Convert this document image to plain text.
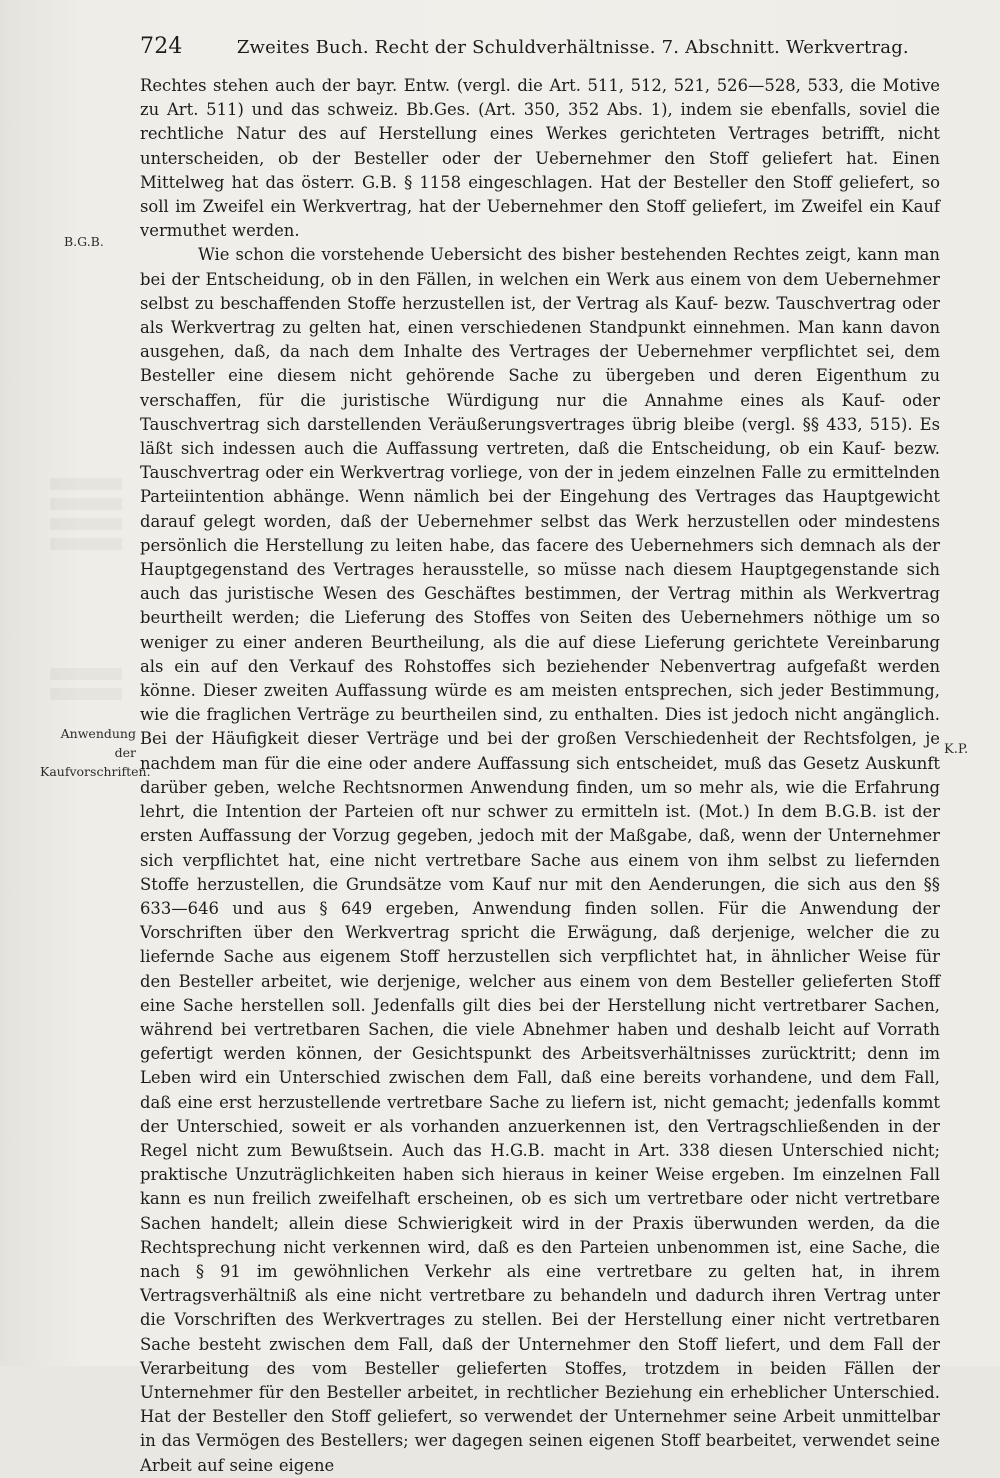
724	Zweites Buch. Recht der Schuldverhältnisse. 7. Abschnitt. Werkvertrag.
B.G.B.
Anwendung der Kaufvorschriften.
K.P.

Rechtes stehen auch der bayr. Entw. (vergl. die Art. 511, 512, 521, 526—528, 533, die Motive zu Art. 511) und das schweiz. Bb.Ges. (Art. 350, 352 Abs. 1), indem sie ebenfalls, soviel die rechtliche Natur des auf Herstellung eines Werkes gerichteten Vertrages betrifft, nicht unterscheiden, ob der Besteller oder der Uebernehmer den Stoff geliefert hat. Einen Mittelweg hat das österr. G.B. § 1158 eingeschlagen. Hat der Besteller den Stoff geliefert, so soll im Zweifel ein Werkvertrag, hat der Uebernehmer den Stoff geliefert, im Zweifel ein Kauf vermuthet werden.

Wie schon die vorstehende Uebersicht des bisher bestehenden Rechtes zeigt, kann man bei der Entscheidung, ob in den Fällen, in welchen ein Werk aus einem von dem Uebernehmer selbst zu beschaffenden Stoffe herzustellen ist, der Vertrag als Kauf- bezw. Tauschvertrag oder als Werkvertrag zu gelten hat, einen verschiedenen Standpunkt einnehmen. Man kann davon ausgehen, daß, da nach dem Inhalte des Vertrages der Uebernehmer verpflichtet sei, dem Besteller eine diesem nicht gehörende Sache zu übergeben und deren Eigenthum zu verschaffen, für die juristische Würdigung nur die Annahme eines als Kauf- oder Tauschvertrag sich darstellenden Veräußerungsvertrages übrig bleibe (vergl. §§ 433, 515). Es läßt sich indessen auch die Auffassung vertreten, daß die Entscheidung, ob ein Kauf- bezw. Tauschvertrag oder ein Werkvertrag vorliege, von der in jedem einzelnen Falle zu ermittelnden Parteiintention abhänge. Wenn nämlich bei der Eingehung des Vertrages das Hauptgewicht darauf gelegt worden, daß der Uebernehmer selbst das Werk herzustellen oder mindestens persönlich die Herstellung zu leiten habe, das facere des Uebernehmers sich demnach als der Hauptgegenstand des Vertrages herausstelle, so müsse nach diesem Hauptgegenstande sich auch das juristische Wesen des Geschäftes bestimmen, der Vertrag mithin als Werkvertrag beurtheilt werden; die Lieferung des Stoffes von Seiten des Uebernehmers nöthige um so weniger zu einer anderen Beurtheilung, als die auf diese Lieferung gerichtete Vereinbarung als ein auf den Verkauf des Rohstoffes sich beziehender Nebenvertrag aufgefaßt werden könne. Dieser zweiten Auffassung würde es am meisten entsprechen, sich jeder Bestimmung, wie die fraglichen Verträge zu beurtheilen sind, zu enthalten. Dies ist jedoch nicht angänglich. Bei der Häufigkeit dieser Verträge und bei der großen Verschiedenheit der Rechtsfolgen, je nachdem man für die eine oder andere Auffassung sich entscheidet, muß das Gesetz Auskunft darüber geben, welche Rechtsnormen Anwendung finden, um so mehr als, wie die Erfahrung lehrt, die Intention der Parteien oft nur schwer zu ermitteln ist. (Mot.) In dem B.G.B. ist der ersten Auffassung der Vorzug gegeben, jedoch mit der Maßgabe, daß, wenn der Unternehmer sich verpflichtet hat, eine nicht vertretbare Sache aus einem von ihm selbst zu liefernden Stoffe herzustellen, die Grundsätze vom Kauf nur mit den Aenderungen, die sich aus den §§ 633—646 und aus § 649 ergeben, Anwendung finden sollen. Für die Anwendung der Vorschriften über den Werkvertrag spricht die Erwägung, daß derjenige, welcher die zu liefernde Sache aus eigenem Stoff herzustellen sich verpflichtet hat, in ähnlicher Weise für den Besteller arbeitet, wie derjenige, welcher aus einem von dem Besteller gelieferten Stoff eine Sache herstellen soll. Jedenfalls gilt dies bei der Herstellung nicht vertretbarer Sachen, während bei vertretbaren Sachen, die viele Abnehmer haben und deshalb leicht auf Vorrath gefertigt werden können, der Gesichtspunkt des Arbeitsverhältnisses zurücktritt; denn im Leben wird ein Unterschied zwischen dem Fall, daß eine bereits vorhandene, und dem Fall, daß eine erst herzustellende vertretbare Sache zu liefern ist, nicht gemacht; jedenfalls kommt der Unterschied, soweit er als vorhanden anzuerkennen ist, den Vertragschließenden in der Regel nicht zum Bewußtsein. Auch das H.G.B. macht in Art. 338 diesen Unterschied nicht; praktische Unzuträglichkeiten haben sich hieraus in keiner Weise ergeben. Im einzelnen Fall kann es nun freilich zweifelhaft erscheinen, ob es sich um vertretbare oder nicht vertretbare Sachen handelt; allein diese Schwierigkeit wird in der Praxis überwunden werden, da die Rechtsprechung nicht verkennen wird, daß es den Parteien unbenommen ist, eine Sache, die nach § 91 im gewöhnlichen Verkehr als eine vertretbare zu gelten hat, in ihrem Vertragsverhältniß als eine nicht vertretbare zu behandeln und dadurch ihren Vertrag unter die Vorschriften des Werkvertrages zu stellen. Bei der Herstellung einer nicht vertretbaren Sache besteht zwischen dem Fall, daß der Unternehmer den Stoff liefert, und dem Fall der Verarbeitung des vom Besteller gelieferten Stoffes, trotzdem in beiden Fällen der Unternehmer für den Besteller arbeitet, in rechtlicher Beziehung ein erheblicher Unterschied. Hat der Besteller den Stoff geliefert, so verwendet der Unternehmer seine Arbeit unmittelbar in das Vermögen des Bestellers; wer dagegen seinen eigenen Stoff bearbeitet, verwendet seine Arbeit auf seine eigene
